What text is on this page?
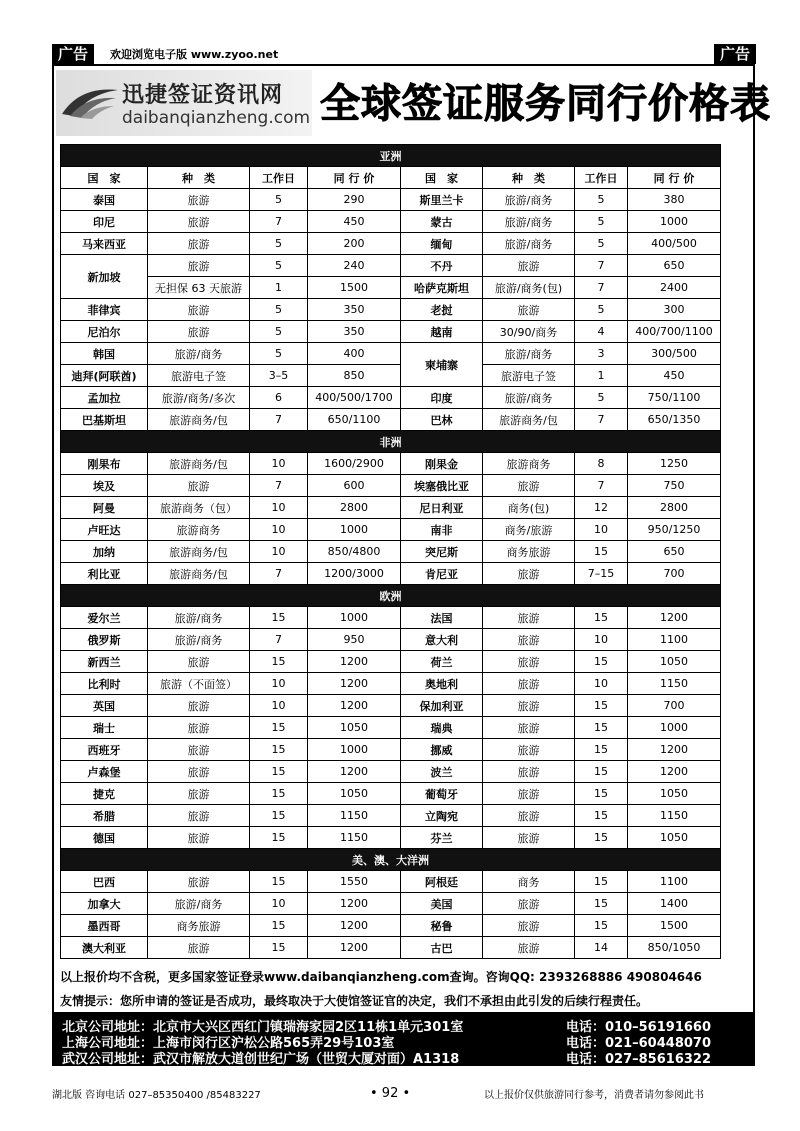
广告	广告
欢迎浏览电子版 www.zyoo.net
迅捷签证资讯网
daibanqianzheng.com 全球签证服务同行价格表
亚洲							
国　家	种　类	工作日	同 行 价	国　家	种　类	工作日	同 行 价
泰国	旅游	5	290	斯里兰卡	旅游/商务	5	380
印尼	旅游	7	450	蒙古	旅游/商务	5	1000
马来西亚	旅游	5	200	缅甸	旅游/商务	5	400/500
新加坡	旅游	5	240	不丹	旅游	7	650
	无担保 63 天旅游	1	1500	哈萨克斯坦	旅游/商务(包)	7	2400
菲律宾	旅游	5	350	老挝	旅游	5	300
尼泊尔	旅游	5	350	越南	30/90/商务	4	400/700/1100
韩国	旅游/商务	5	400	柬埔寨	旅游/商务	3	300/500
迪拜(阿联酋)	旅游电子签	3–5	850		旅游电子签	1	450
孟加拉	旅游/商务/多次	6	400/500/1700	印度	旅游/商务	5	750/1100
巴基斯坦	旅游商务/包	7	650/1100	巴林	旅游商务/包	7	650/1350
非洲							
刚果布	旅游商务/包	10	1600/2900	刚果金	旅游商务	8	1250
埃及	旅游	7	600	埃塞俄比亚	旅游	7	750
阿曼	旅游商务（包）	10	2800	尼日利亚	商务(包)	12	2800
卢旺达	旅游商务	10	1000	南非	商务/旅游	10	950/1250
加纳	旅游商务/包	10	850/4800	突尼斯	商务旅游	15	650
利比亚	旅游商务/包	7	1200/3000	肯尼亚	旅游	7–15	700
欧洲							
爱尔兰	旅游/商务	15	1000	法国	旅游	15	1200
俄罗斯	旅游/商务	7	950	意大利	旅游	10	1100
新西兰	旅游	15	1200	荷兰	旅游	15	1050
比利时	旅游（不面签）	10	1200	奥地利	旅游	10	1150
英国	旅游	10	1200	保加利亚	旅游	15	700
瑞士	旅游	15	1050	瑞典	旅游	15	1000
西班牙	旅游	15	1000	挪威	旅游	15	1200
卢森堡	旅游	15	1200	波兰	旅游	15	1200
捷克	旅游	15	1050	葡萄牙	旅游	15	1050
希腊	旅游	15	1150	立陶宛	旅游	15	1150
德国	旅游	15	1150	芬兰	旅游	15	1050
美、澳、大洋洲							
巴西	旅游	15	1550	阿根廷	商务	15	1100
加拿大	旅游/商务	10	1200	美国	旅游	15	1400
墨西哥	商务旅游	15	1200	秘鲁	旅游	15	1500
澳大利亚	旅游	15	1200	古巴	旅游	14	850/1050
以上报价均不含税，更多国家签证登录www.daibanqianzheng.com查询。咨询QQ: 2393268886 490804646
友情提示：您所申请的签证是否成功，最终取决于大使馆签证官的决定，我们不承担由此引发的后续行程责任。
北京公司地址：北京市大兴区西红门镇瑞海家园2区11栋1单元301室	电话：010–56191660
上海公司地址：上海市闵行区沪松公路565弄29号103室	电话：021–60448070
武汉公司地址：武汉市解放大道创世纪广场（世贸大厦对面）A1318	电话：027–85616322
湖北版 咨询电话 027–85350400 /85483227	• 92 •	以上报价仅供旅游同行参考，消费者请勿参阅此书
